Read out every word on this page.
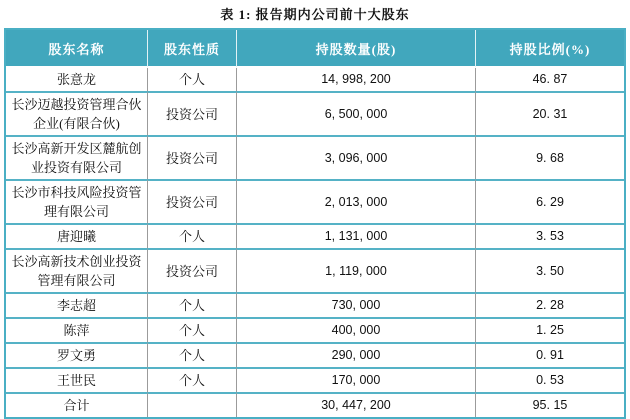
表 1: 报告期内公司前十大股东
股东名称	股东性质	持股数量(股)	持股比例(%)
张意龙	个人	14, 998, 200	46. 87
长沙迈越投资管理合伙企业(有限合伙)	投资公司	6, 500, 000	20. 31
长沙高新开发区麓航创业投资有限公司	投资公司	3, 096, 000	9. 68
长沙市科技风险投资管理有限公司	投资公司	2, 013, 000	6. 29
唐迎曦	个人	1, 131, 000	3. 53
长沙高新技术创业投资管理有限公司	投资公司	1, 119, 000	3. 50
李志超	个人	730, 000	2. 28
陈萍	个人	400, 000	1. 25
罗文勇	个人	290, 000	0. 91
王世民	个人	170, 000	0. 53
合计		30, 447, 200	95. 15
